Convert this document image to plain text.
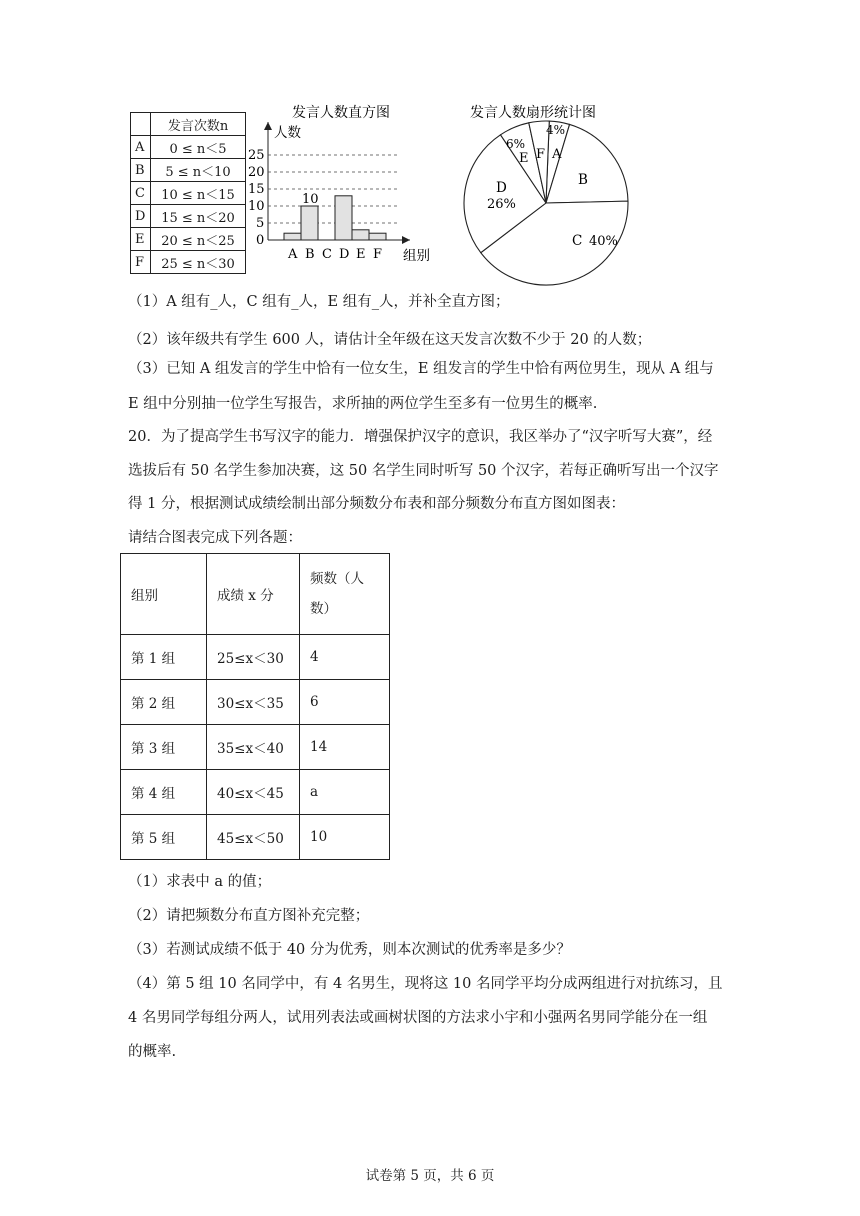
	发言次数n
A	0 ≤ n＜5
B	5 ≤ n＜10
C	10 ≤ n＜15
D	15 ≤ n＜20
E	20 ≤ n＜25
F	25 ≤ n＜30
发言人数直方图
人数
组别
25
20
15
10
5
0
10
A B C D E F
发言人数扇形统计图
4%
A
B
C 40%
D
26%
6%
E F
（1）A 组有_人，C 组有_人，E 组有_人，并补全直方图；
（2）该年级共有学生 600 人，请估计全年级在这天发言次数不少于 20 的人数；
（3）已知 A 组发言的学生中恰有一位女生，E 组发言的学生中恰有两位男生，现从 A 组与
E 组中分别抽一位学生写报告，求所抽的两位学生至多有一位男生的概率.
20．为了提高学生书写汉字的能力．增强保护汉字的意识，我区举办了“汉字听写大赛”，经
选拔后有 50 名学生参加决赛，这 50 名学生同时听写 50 个汉字，若每正确听写出一个汉字
得 1 分，根据测试成绩绘制出部分频数分布表和部分频数分布直方图如图表：
请结合图表完成下列各题：
组别	成绩 x 分	频数（人
数）

第 1 组	25≤x＜30	4
第 2 组	30≤x＜35	6
第 3 组	35≤x＜40	14
第 4 组	40≤x＜45	a
第 5 组	45≤x＜50	10
（1）求表中 a 的值；
（2）请把频数分布直方图补充完整；
（3）若测试成绩不低于 40 分为优秀，则本次测试的优秀率是多少？
（4）第 5 组 10 名同学中，有 4 名男生，现将这 10 名同学平均分成两组进行对抗练习，且
4 名男同学每组分两人，试用列表法或画树状图的方法求小宇和小强两名男同学能分在一组
的概率.
试卷第 5 页，共 6 页
